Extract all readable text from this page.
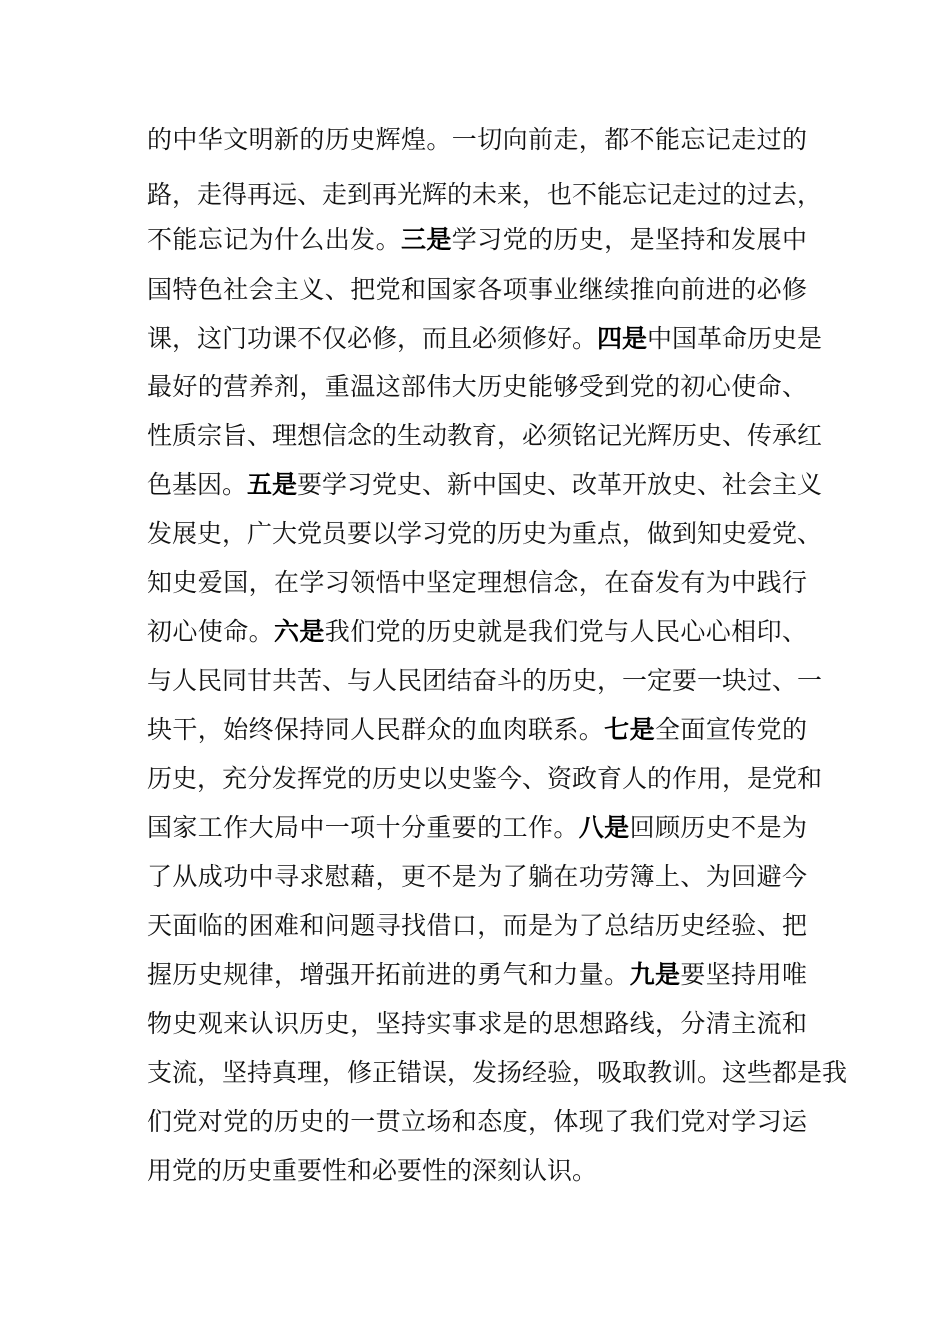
的中华文明新的历史辉煌。一切向前走，都不能忘记走过的
路，走得再远、走到再光辉的未来，也不能忘记走过的过去，
不能忘记为什么出发。三是学习党的历史，是坚持和发展中
国特色社会主义、把党和国家各项事业继续推向前进的必修
课，这门功课不仅必修，而且必须修好。四是中国革命历史是
最好的营养剂，重温这部伟大历史能够受到党的初心使命、
性质宗旨、理想信念的生动教育，必须铭记光辉历史、传承红
色基因。五是要学习党史、新中国史、改革开放史、社会主义
发展史，广大党员要以学习党的历史为重点，做到知史爱党、
知史爱国，在学习领悟中坚定理想信念，在奋发有为中践行
初心使命。六是我们党的历史就是我们党与人民心心相印、
与人民同甘共苦、与人民团结奋斗的历史，一定要一块过、一
块干，始终保持同人民群众的血肉联系。七是全面宣传党的
历史，充分发挥党的历史以史鉴今、资政育人的作用，是党和
国家工作大局中一项十分重要的工作。八是回顾历史不是为
了从成功中寻求慰藉，更不是为了躺在功劳簿上、为回避今
天面临的困难和问题寻找借口，而是为了总结历史经验、把
握历史规律，增强开拓前进的勇气和力量。九是要坚持用唯
物史观来认识历史，坚持实事求是的思想路线，分清主流和
支流，坚持真理，修正错误，发扬经验，吸取教训。这些都是我
们党对党的历史的一贯立场和态度，体现了我们党对学习运
用党的历史重要性和必要性的深刻认识。
